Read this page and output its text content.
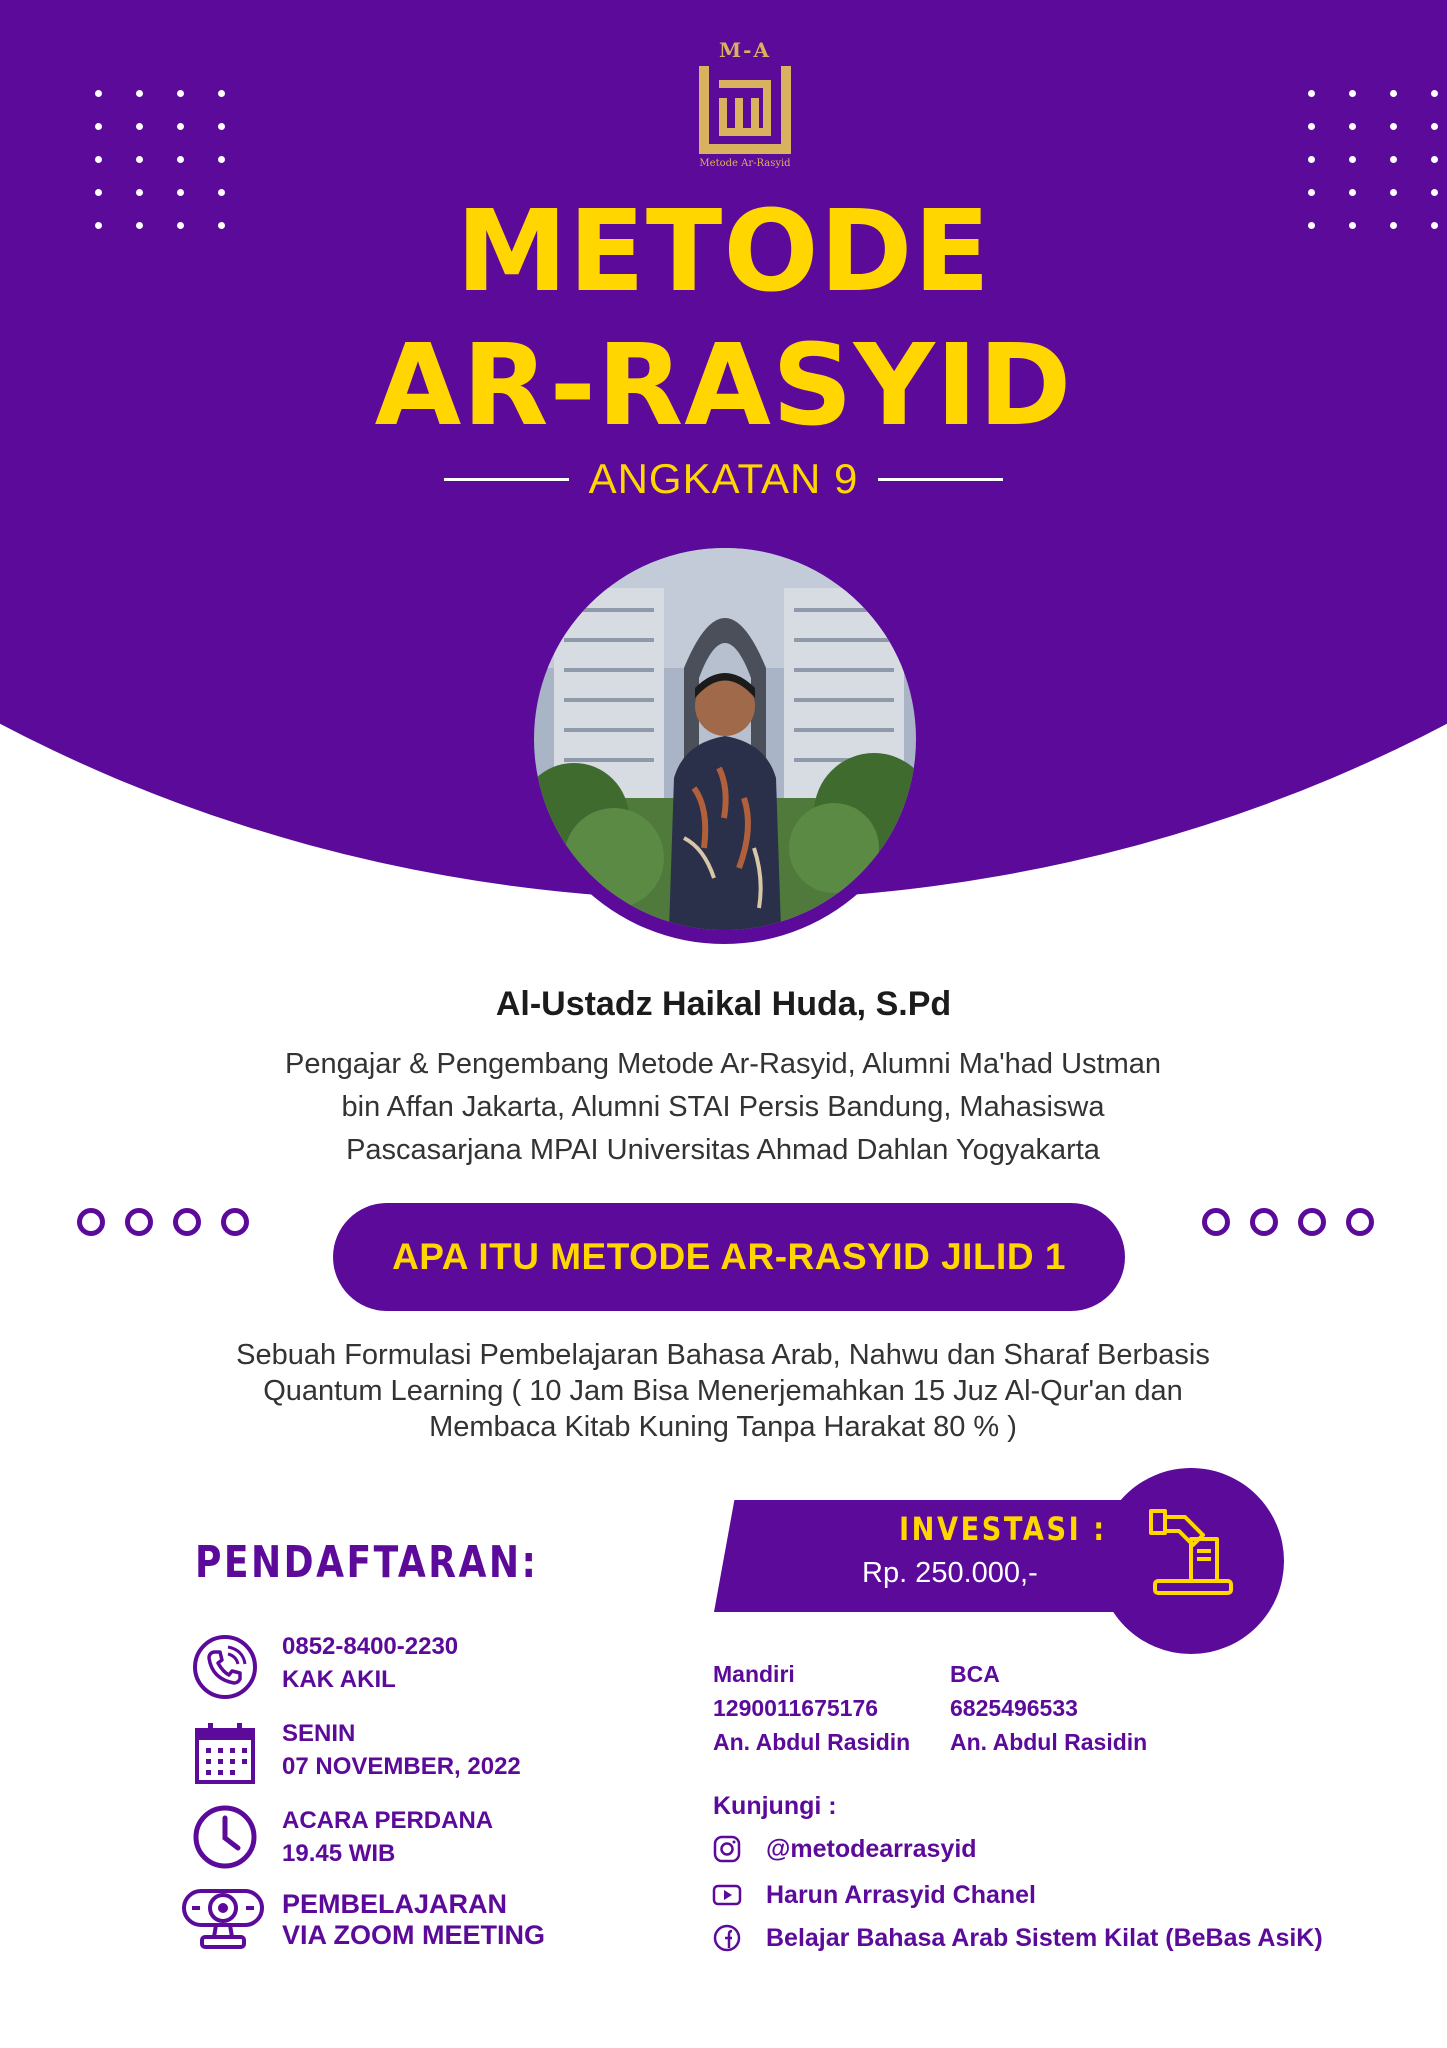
M-A
Metode Ar-Rasyid
METODE
AR-RASYID
ANGKATAN 9
Al-Ustadz Haikal Huda, S.Pd
Pengajar & Pengembang Metode Ar-Rasyid, Alumni Ma'had Ustman
bin Affan Jakarta, Alumni STAI Persis Bandung, Mahasiswa
Pascasarjana MPAI Universitas Ahmad Dahlan Yogyakarta
APA ITU METODE AR-RASYID JILID 1
Sebuah Formulasi Pembelajaran Bahasa Arab, Nahwu dan Sharaf Berbasis
Quantum Learning ( 10 Jam Bisa Menerjemahkan 15 Juz Al-Qur'an dan
Membaca Kitab Kuning Tanpa Harakat 80 % )
PENDAFTARAN:
0852-8400-2230
KAK AKIL
SENIN
07 NOVEMBER, 2022
ACARA PERDANA
19.45 WIB
PEMBELAJARAN
VIA ZOOM MEETING
INVESTASI :
Rp. 250.000,-
Mandiri
1290011675176
An. Abdul Rasidin
BCA
6825496533
An. Abdul Rasidin
Kunjungi :
@metodearrasyid
Harun Arrasyid Chanel
Belajar Bahasa Arab Sistem Kilat (BeBas AsiK)
